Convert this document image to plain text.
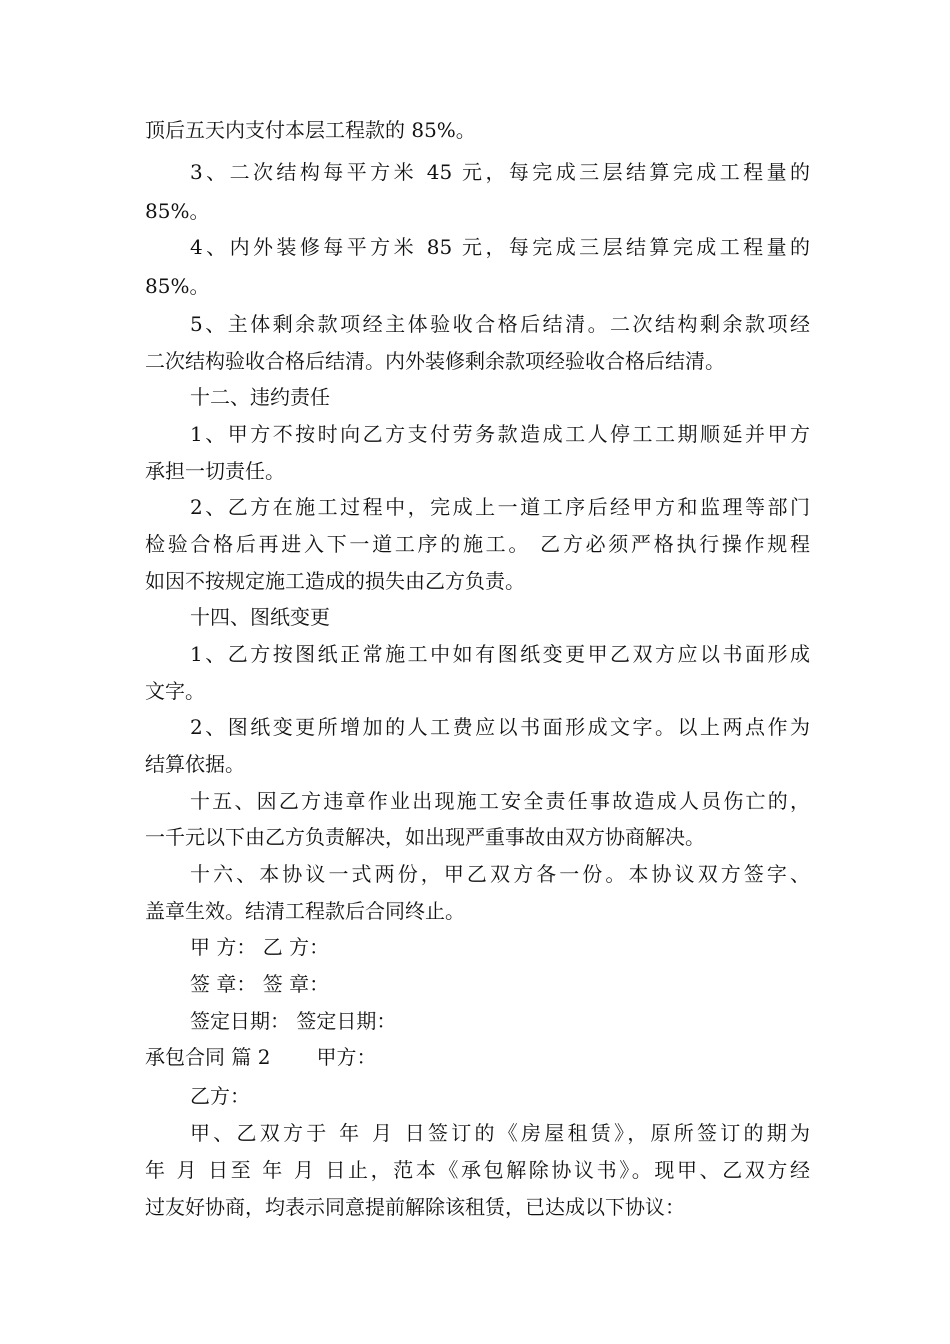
顶后五天内支付本层工程款的 85%。
3、二次结构每平方米 45 元，每完成三层结算完成工程量的
85%。
4、内外装修每平方米 85 元，每完成三层结算完成工程量的
85%。
5、主体剩余款项经主体验收合格后结清。二次结构剩余款项经
二次结构验收合格后结清。内外装修剩余款项经验收合格后结清。
十二、违约责任
1、甲方不按时向乙方支付劳务款造成工人停工工期顺延并甲方
承担一切责任。
2、乙方在施工过程中，完成上一道工序后经甲方和监理等部门
检验合格后再进入下一道工序的施工。 乙方必须严格执行操作规程
如因不按规定施工造成的损失由乙方负责。
十四、图纸变更
1、乙方按图纸正常施工中如有图纸变更甲乙双方应以书面形成
文字。
2、图纸变更所增加的人工费应以书面形成文字。以上两点作为
结算依据。
十五、因乙方违章作业出现施工安全责任事故造成人员伤亡的，
一千元以下由乙方负责解决，如出现严重事故由双方协商解决。
十六、本协议一式两份，甲乙双方各一份。本协议双方签字、
盖章生效。结清工程款后合同终止。
甲 方： 乙 方：
签 章： 签 章：
签定日期： 签定日期：
承包合同 篇 2 甲方：
乙方：
甲、乙双方于 年 月 日签订的《房屋租赁》，原所签订的期为
年 月 日至 年 月 日止，范本《承包解除协议书》。现甲、乙双方经
过友好协商，均表示同意提前解除该租赁，已达成以下协议：
